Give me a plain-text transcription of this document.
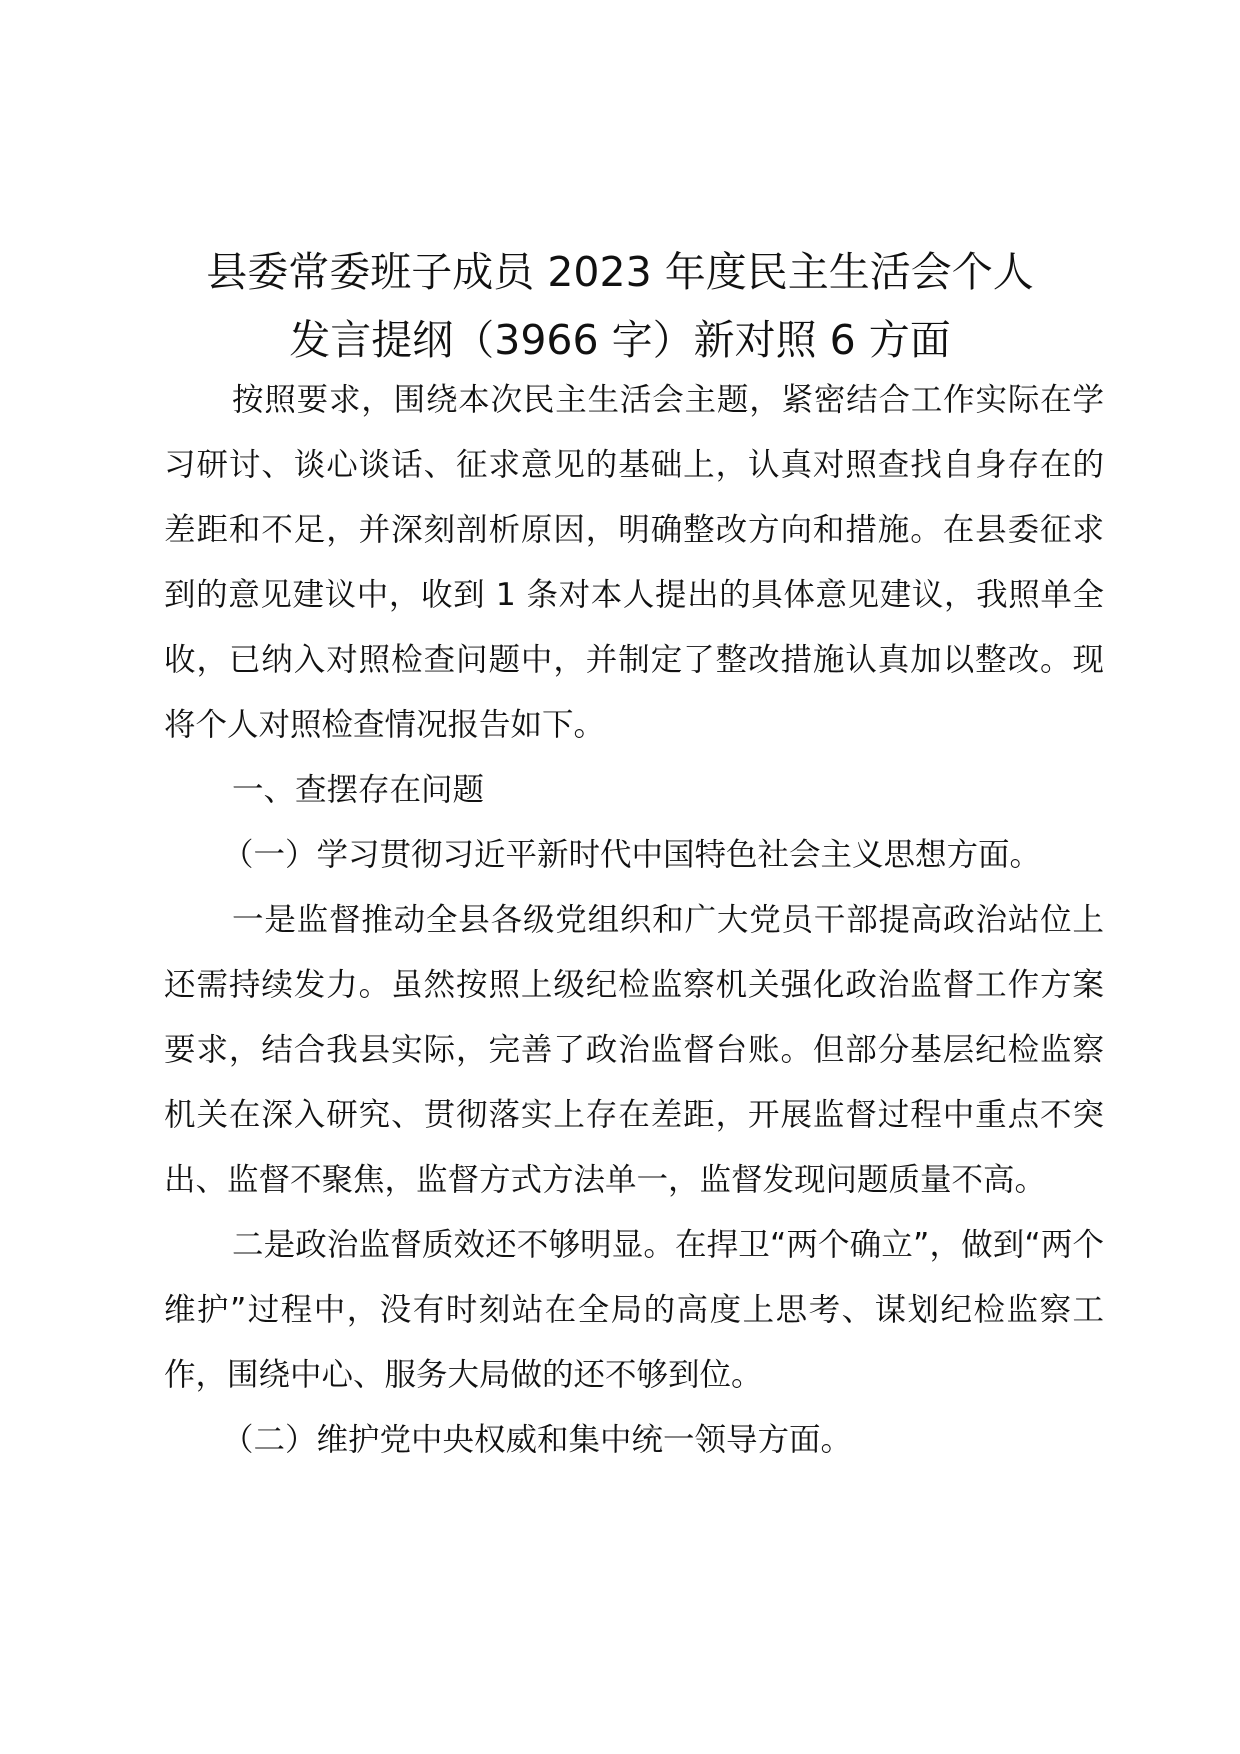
县委常委班子成员 2023 年度民主生活会个人
发言提纲（3966 字）新对照 6 方面

按照要求，围绕本次民主生活会主题，紧密结合工作实际在学习研讨、谈心谈话、征求意见的基础上，认真对照查找自身存在的差距和不足，并深刻剖析原因，明确整改方向和措施。在县委征求到的意见建议中，收到 1 条对本人提出的具体意见建议，我照单全收，已纳入对照检查问题中，并制定了整改措施认真加以整改。现将个人对照检查情况报告如下。

一、查摆存在问题

（一）学习贯彻习近平新时代中国特色社会主义思想方面。

一是监督推动全县各级党组织和广大党员干部提高政治站位上还需持续发力。虽然按照上级纪检监察机关强化政治监督工作方案要求，结合我县实际，完善了政治监督台账。但部分基层纪检监察机关在深入研究、贯彻落实上存在差距，开展监督过程中重点不突出、监督不聚焦，监督方式方法单一，监督发现问题质量不高。

二是政治监督质效还不够明显。在捍卫“两个确立”，做到“两个维护”过程中，没有时刻站在全局的高度上思考、谋划纪检监察工作，围绕中心、服务大局做的还不够到位。

（二）维护党中央权威和集中统一领导方面。
